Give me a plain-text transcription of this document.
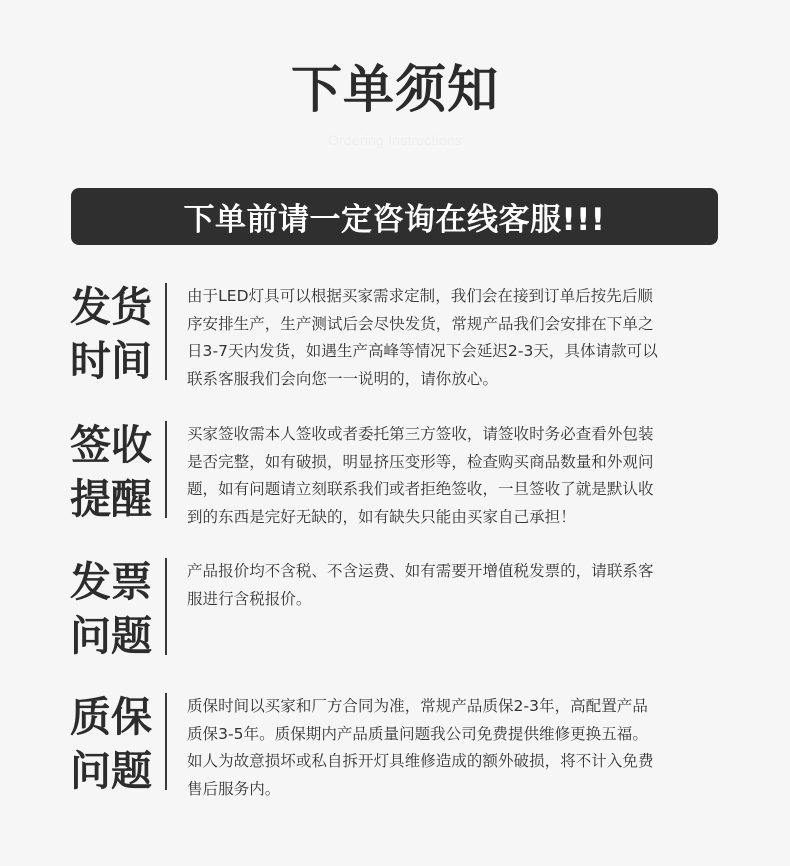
下单须知
Ordering Instructions
下单前请一定咨询在线客服!!!
发货
时间
由于LED灯具可以根据买家需求定制，我们会在接到订单后按先后顺
序安排生产，生产测试后会尽快发货，常规产品我们会安排在下单之
日3-7天内发货，如遇生产高峰等情况下会延迟2-3天，具体请款可以
联系客服我们会向您一一说明的，请你放心。
签收
提醒
买家签收需本人签收或者委托第三方签收，请签收时务必查看外包装
是否完整，如有破损，明显挤压变形等，检查购买商品数量和外观问
题，如有问题请立刻联系我们或者拒绝签收，一旦签收了就是默认收
到的东西是完好无缺的，如有缺失只能由买家自己承担！
发票
问题
产品报价均不含税、不含运费、如有需要开增值税发票的，请联系客
服进行含税报价。
质保
问题
质保时间以买家和厂方合同为准，常规产品质保2-3年，高配置产品
质保3-5年。质保期内产品质量问题我公司免费提供维修更换五福。
如人为故意损坏或私自拆开灯具维修造成的额外破损，将不计入免费
售后服务内。
